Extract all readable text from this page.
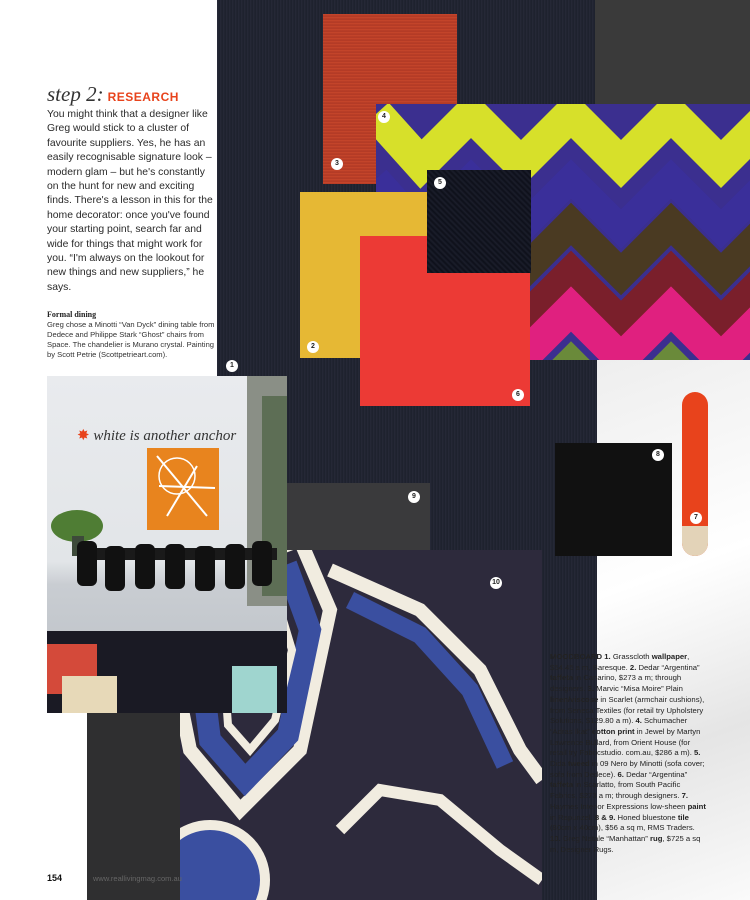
1
2
3
4
5
6
7
8
9
10
step 2: RESEARCH

You might think that a designer like Greg would stick to a cluster of favourite suppliers. Yes, he has an easily recognisable signature look – modern glam – but he's constantly on the hunt for new and exciting finds. There's a lesson in this for the home decorator: once you've found your starting point, search far and wide for things that might work for you. “I'm always on the lookout for new things and new suppliers,” he says.

Formal dining

Greg chose a Minotti “Van Dyck” dining table from Dedece and Philippe Stark “Ghost” chairs from Space. The chandelier is Murano crystal. Painting by Scott Petrie (Scottpetrieart.com).

✸ white is another anchor

MOODBOARD 1. Grasscloth wallpaper, $54.45 a m, Baresque. 2. Dedar “Argentina” taffeta in Canarino, $273 a m; through designers. 3. Marvic “Misa Moire” Plain linen/viscose in Scarlet (armchair cushions), from Seneca Textiles (for retail try Upholstery Solutions, $129.80 a m). 4. Schumacher “Adras Ikat” cotton print in Jewel by Martyn Lawrence Bullard, from Orient House (for retail try Fabricstudio. com.au, $286 a m). 5. Dida tweed in 09 Nero by Minotti (sofa cover; sofa from Dedece). 6. Dedar “Argentina” taffeta in Scarlatto, from South Pacific Fabrics, $273 a m; through designers. 7. Haymes Interior Expressions low-sheen paint in Rapunzel. 8 & 9. Honed bluestone tile (80cm x 40cm), $56 a sq m, RMS Traders. 10. Greg Natale “Manhattan” rug, $725 a sq m, Designer Rugs.

154	www.reallivingmag.com.au
